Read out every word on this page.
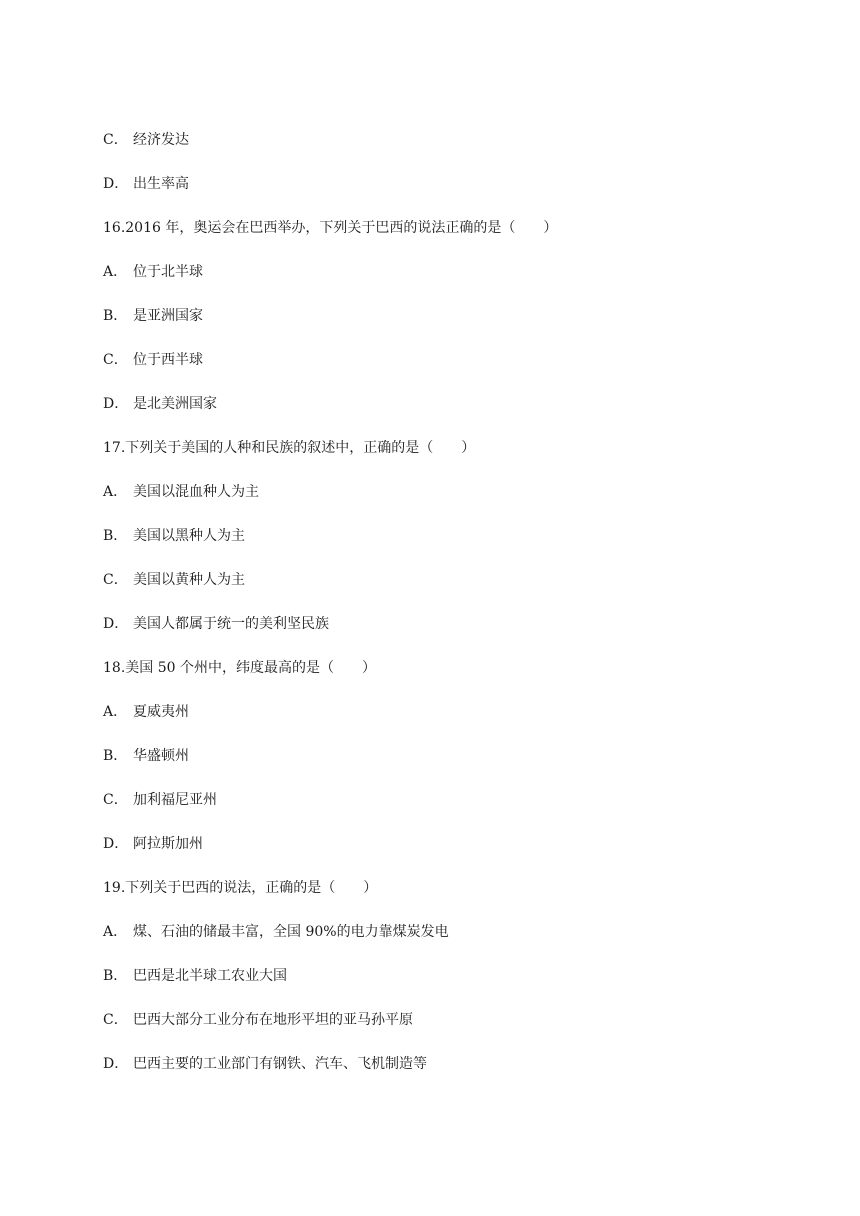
C． 经济发达
D． 出生率高
16.2016 年，奥运会在巴西举办，下列关于巴西的说法正确的是（　　）
A． 位于北半球
B． 是亚洲国家
C． 位于西半球
D． 是北美洲国家
17.下列关于美国的人种和民族的叙述中，正确的是（　　）
A． 美国以混血种人为主
B． 美国以黑种人为主
C． 美国以黄种人为主
D． 美国人都属于统一的美利坚民族
18.美国 50 个州中，纬度最高的是（　　）
A． 夏威夷州
B． 华盛顿州
C． 加利福尼亚州
D． 阿拉斯加州
19.下列关于巴西的说法，正确的是（　　）
A． 煤、石油的储最丰富，全国 90%的电力靠煤炭发电
B． 巴西是北半球工农业大国
C． 巴西大部分工业分布在地形平坦的亚马孙平原
D． 巴西主要的工业部门有钢铁、汽车、飞机制造等
